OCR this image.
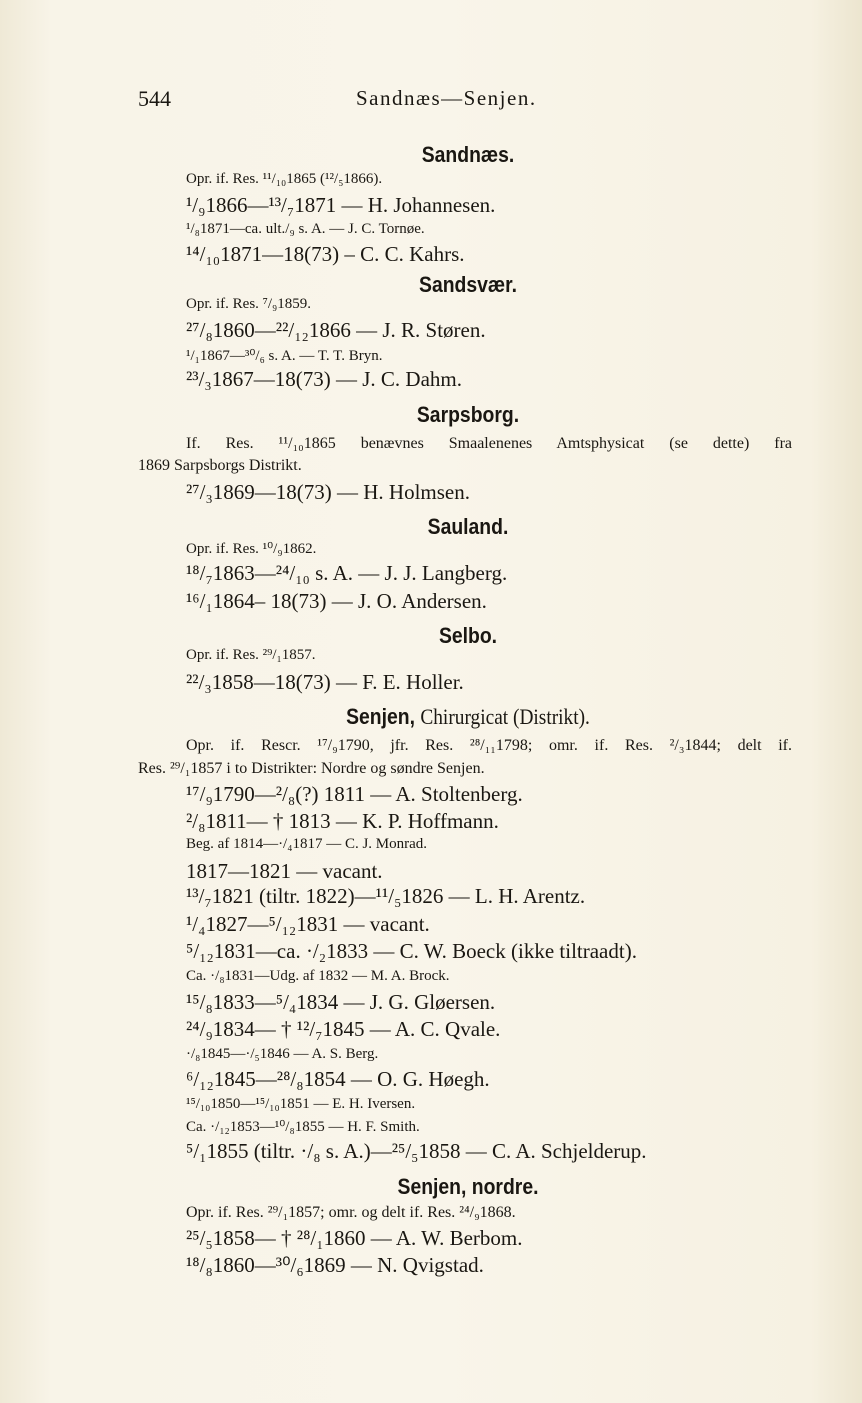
544	Sandnæs—Senjen.
Sandnæs.
Opr. if. Res. ¹¹/₁₀1865 (¹²/₅1866).
¹/₉1866—¹³/₇1871 — H. Johannesen.
¹/₈1871—ca. ult./₉ s. A. — J. C. Tornøe.
¹⁴/₁₀1871—18(73) – C. C. Kahrs.
Sandsvær.
Opr. if. Res. ⁷/₉1859.
²⁷/₈1860—²²/₁₂1866 — J. R. Støren.
¹/₁1867—³⁰/₆ s. A. — T. T. Bryn.
²³/₃1867—18(73) — J. C. Dahm.
Sarpsborg.
If. Res. ¹¹/₁₀1865 benævnes Smaalenenes Amtsphysicat (se dette) fra
1869 Sarpsborgs Distrikt.
²⁷/₃1869—18(73) — H. Holmsen.
Sauland.
Opr. if. Res. ¹⁰/₉1862.
¹⁸/₇1863—²⁴/₁₀ s. A. — J. J. Langberg.
¹⁶/₁1864– 18(73) — J. O. Andersen.
Selbo.
Opr. if. Res. ²⁹/₁1857.
²²/₃1858—18(73) — F. E. Holler.
Senjen, Chirurgicat (Distrikt).
Opr. if. Rescr. ¹⁷/₉1790, jfr. Res. ²⁸/₁₁1798; omr. if. Res. ²/₃1844; delt if.
Res. ²⁹/₁1857 i to Distrikter: Nordre og søndre Senjen.
¹⁷/₉1790—²/₈(?) 1811 — A. Stoltenberg.
²/₈1811— † 1813 — K. P. Hoffmann.
Beg. af 1814—·/₄1817 — C. J. Monrad.
1817—1821 — vacant.
¹³/₇1821 (tiltr. 1822)—¹¹/₅1826 — L. H. Arentz.
¹/₄1827—⁵/₁₂1831 — vacant.
⁵/₁₂1831—ca. ·/₂1833 — C. W. Boeck (ikke tiltraadt).
Ca. ·/₈1831—Udg. af 1832 — M. A. Brock.
¹⁵/₈1833—⁵/₄1834 — J. G. Gløersen.
²⁴/₉1834— † ¹²/₇1845 — A. C. Qvale.
·/₈1845—·/₅1846 — A. S. Berg.
⁶/₁₂1845—²⁸/₈1854 — O. G. Høegh.
¹⁵/₁₀1850—¹⁵/₁₀1851 — E. H. Iversen.
Ca. ·/₁₂1853—¹⁰/₈1855 — H. F. Smith.
⁵/₁1855 (tiltr. ·/₈ s. A.)—²⁵/₅1858 — C. A. Schjelderup.
Senjen, nordre.
Opr. if. Res. ²⁹/₁1857; omr. og delt if. Res. ²⁴/₉1868.
²⁵/₅1858— † ²⁸/₁1860 — A. W. Berbom.
¹⁸/₈1860—³⁰/₆1869 — N. Qvigstad.
